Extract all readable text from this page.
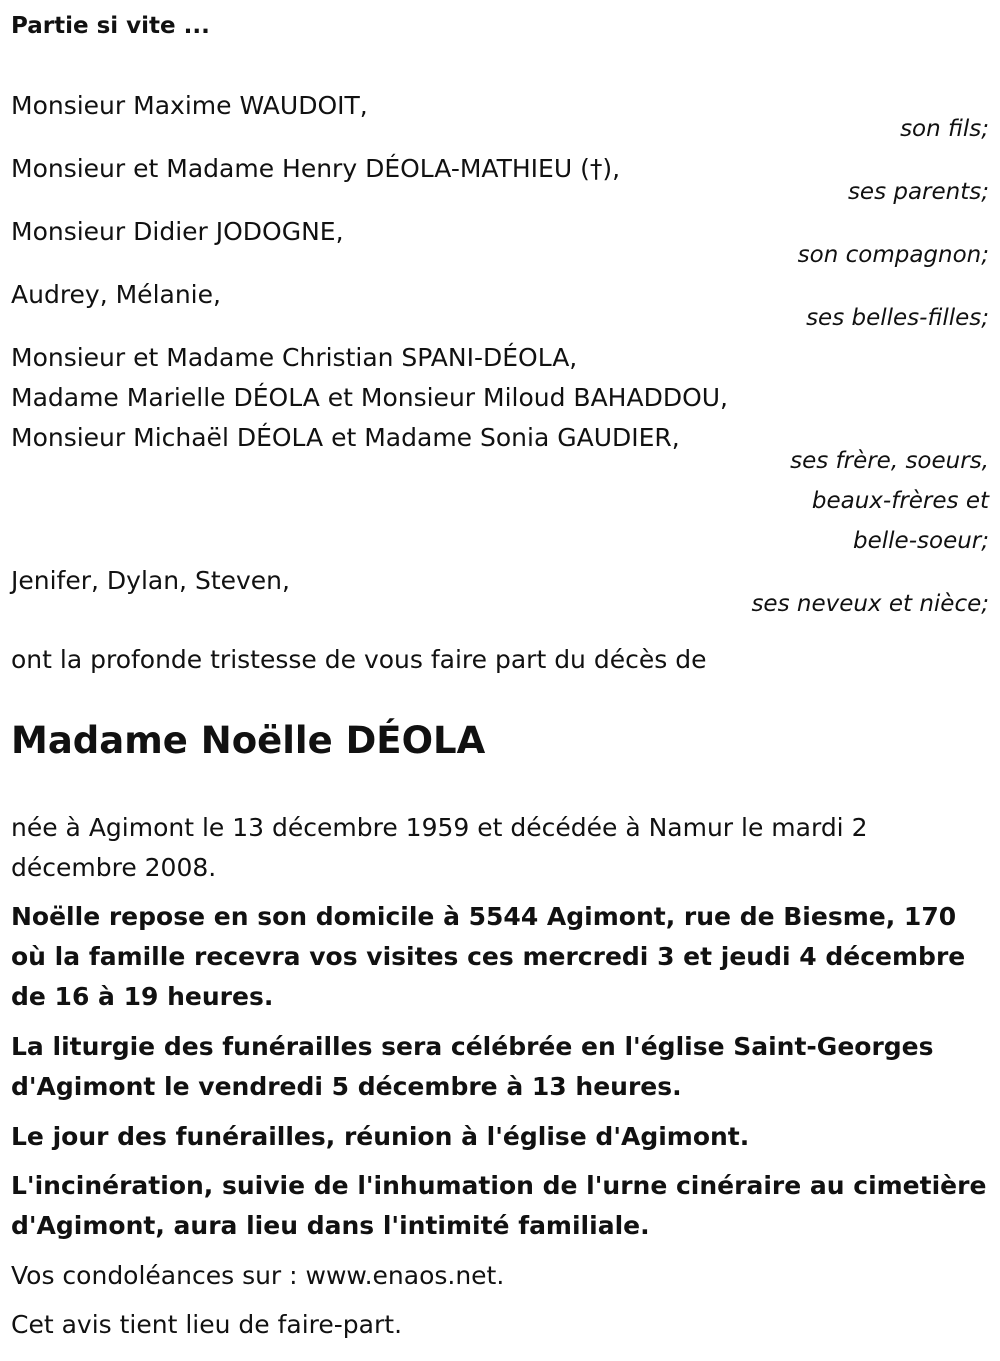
Partie si vite ...
Monsieur Maxime WAUDOIT,
son fils;
Monsieur et Madame Henry DÉOLA-MATHIEU (†),
ses parents;
Monsieur Didier JODOGNE,
son compagnon;
Audrey, Mélanie,
ses belles-filles;
Monsieur et Madame Christian SPANI-DÉOLA,
Madame Marielle DÉOLA et Monsieur Miloud BAHADDOU,
Monsieur Michaël DÉOLA et Madame Sonia GAUDIER,
ses frère, soeurs,
beaux-frères et
belle-soeur;
Jenifer, Dylan, Steven,
ses neveux et nièce;
ont la profonde tristesse de vous faire part du décès de
Madame Noëlle DÉOLA
née à Agimont le 13 décembre 1959 et décédée à Namur le mardi 2 décembre 2008.
Noëlle repose en son domicile à 5544 Agimont, rue de Biesme, 170 où la famille recevra vos visites ces mercredi 3 et jeudi 4 décembre de 16 à 19 heures.
La liturgie des funérailles sera célébrée en l'église Saint-Georges d'Agimont le vendredi 5 décembre à 13 heures.
Le jour des funérailles, réunion à l'église d'Agimont.
L'incinération, suivie de l'inhumation de l'urne cinéraire au cimetière d'Agimont, aura lieu dans l'intimité familiale.
Vos condoléances sur : www.enaos.net.
Cet avis tient lieu de faire-part.
